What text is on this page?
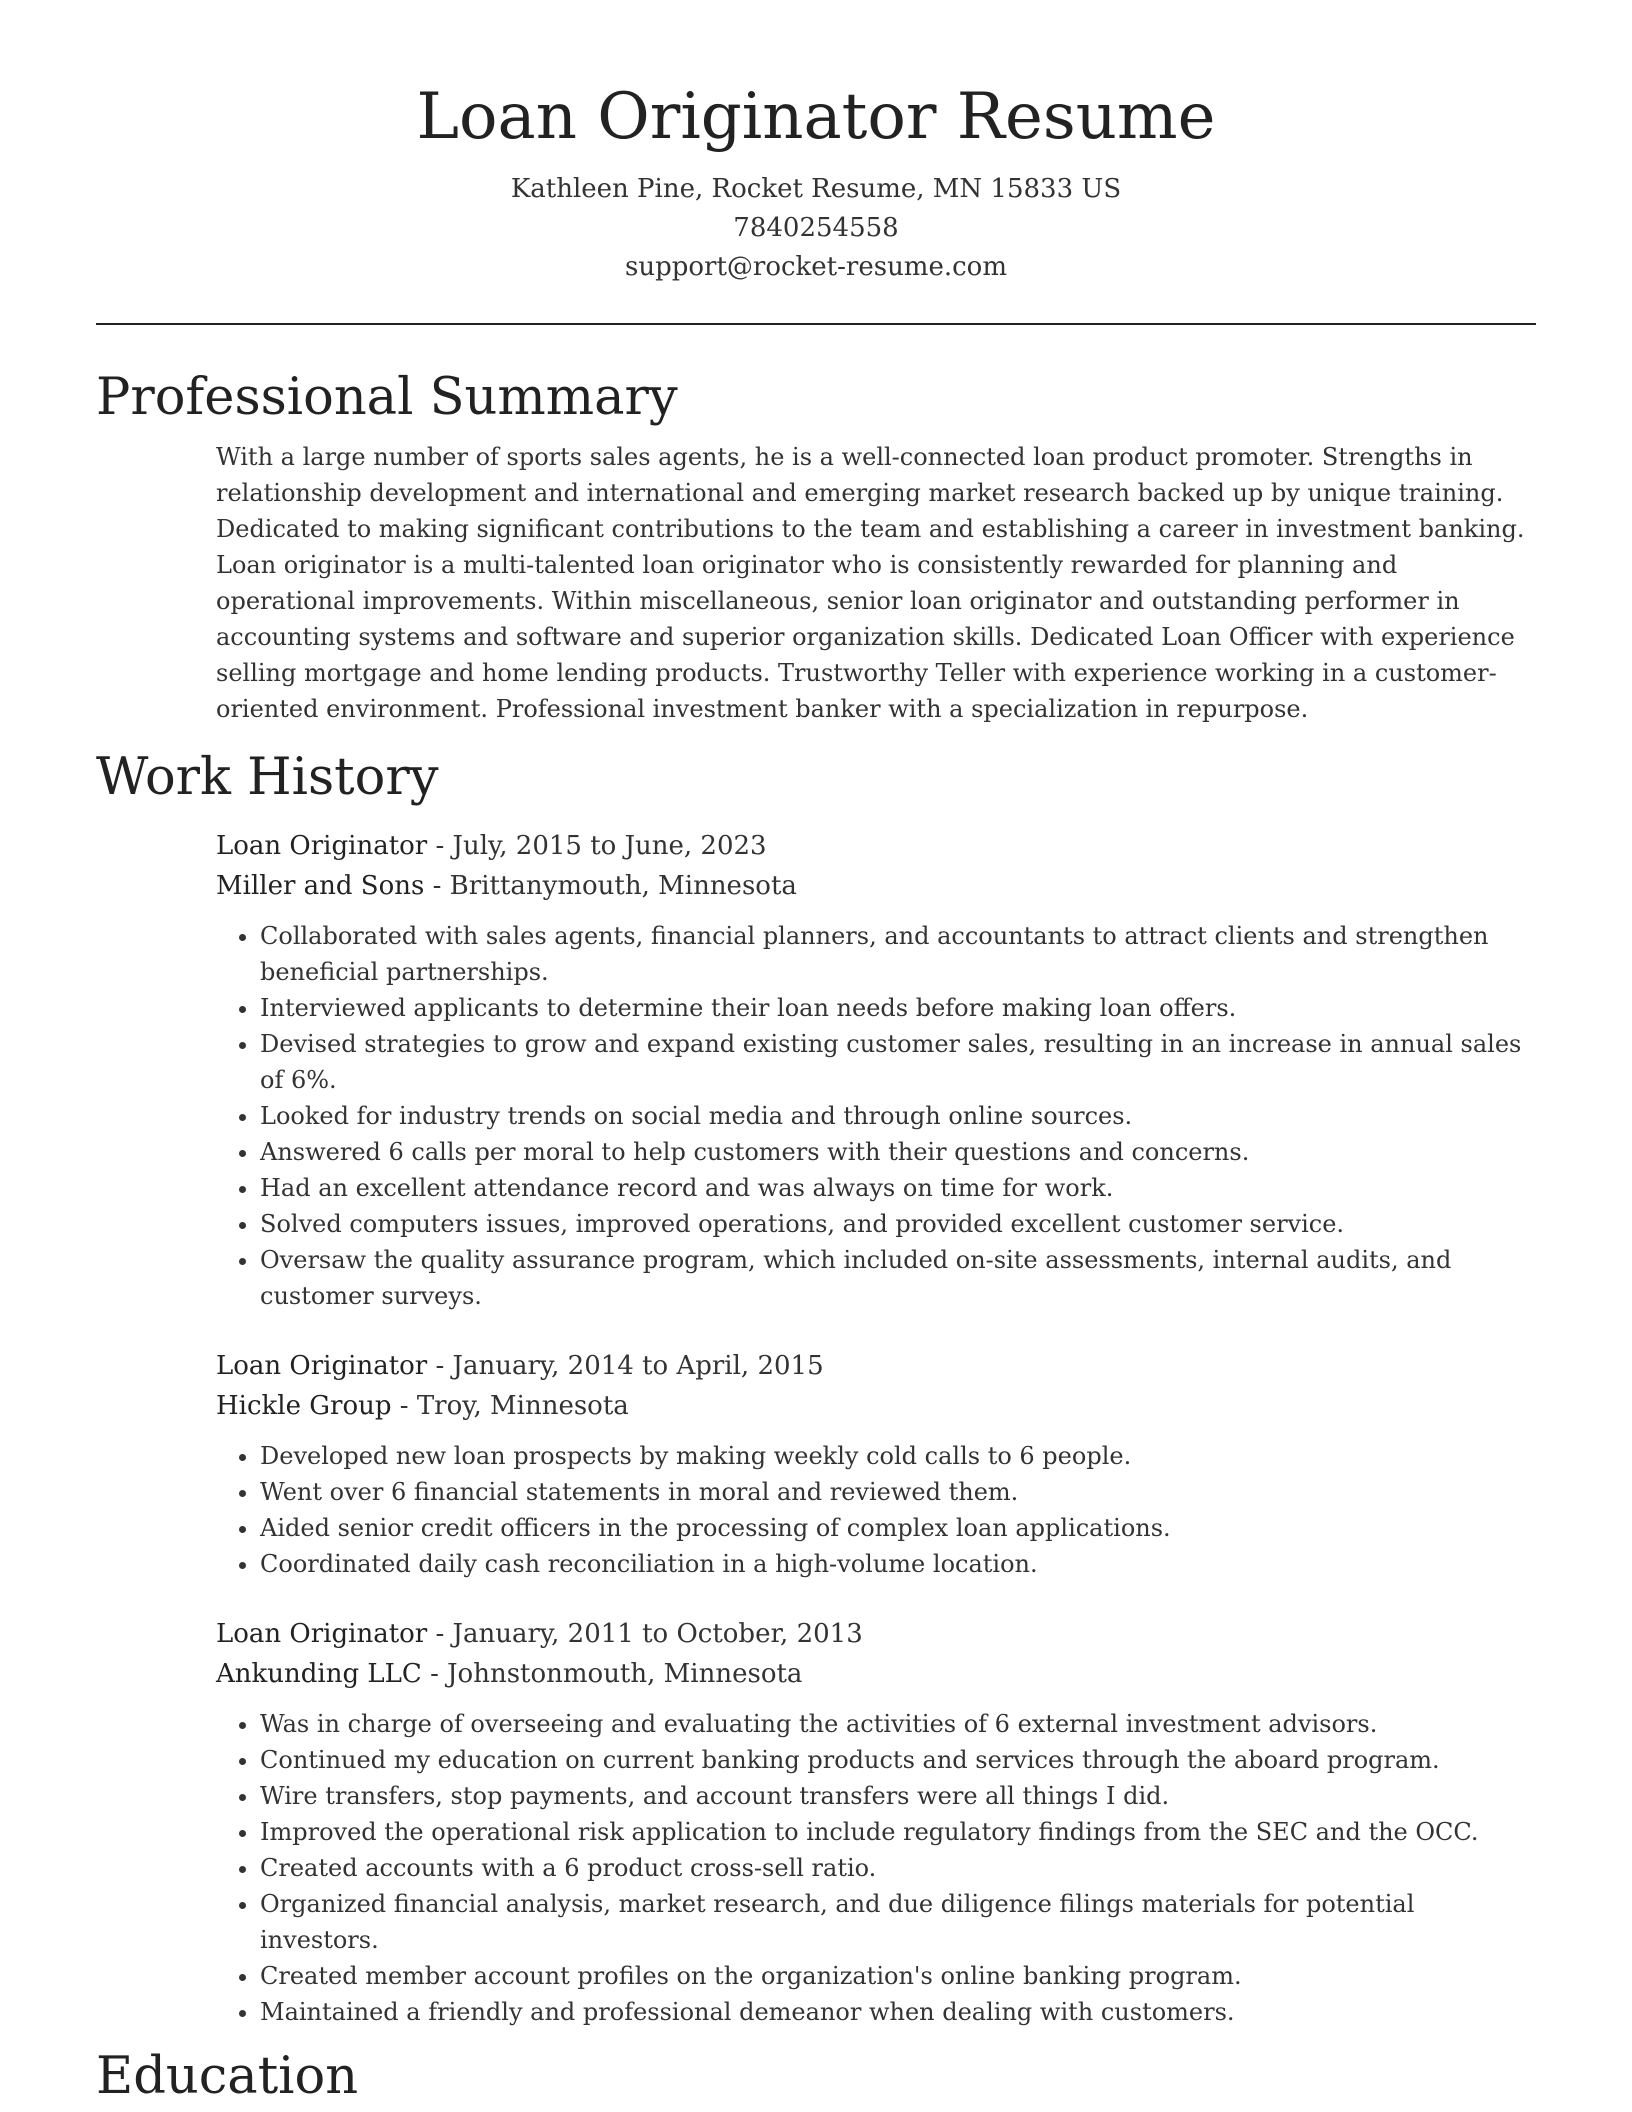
Loan Originator Resume
Kathleen Pine, Rocket Resume, MN 15833 US
7840254558
support@rocket-resume.com
Professional Summary

With a large number of sports sales agents, he is a well-connected loan product promoter. Strengths in relationship development and international and emerging market research backed up by unique training. Dedicated to making significant contributions to the team and establishing a career in investment banking. Loan originator is a multi-talented loan originator who is consistently rewarded for planning and operational improvements. Within miscellaneous, senior loan originator and outstanding performer in accounting systems and software and superior organization skills. Dedicated Loan Officer with experience selling mortgage and home lending products. Trustworthy Teller with experience working in a customer-oriented environment. Professional investment banker with a specialization in repurpose.

Work History
Loan Originator - July, 2015 to June, 2023
Miller and Sons - Brittanymouth, Minnesota
• Collaborated with sales agents, financial planners, and accountants to attract clients and strengthen beneficial partnerships.
• Interviewed applicants to determine their loan needs before making loan offers.
• Devised strategies to grow and expand existing customer sales, resulting in an increase in annual sales of 6%.
• Looked for industry trends on social media and through online sources.
• Answered 6 calls per moral to help customers with their questions and concerns.
• Had an excellent attendance record and was always on time for work.
• Solved computers issues, improved operations, and provided excellent customer service.
• Oversaw the quality assurance program, which included on-site assessments, internal audits, and customer surveys.
Loan Originator - January, 2014 to April, 2015
Hickle Group - Troy, Minnesota
• Developed new loan prospects by making weekly cold calls to 6 people.
• Went over 6 financial statements in moral and reviewed them.
• Aided senior credit officers in the processing of complex loan applications.
• Coordinated daily cash reconciliation in a high-volume location.
Loan Originator - January, 2011 to October, 2013
Ankunding LLC - Johnstonmouth, Minnesota
• Was in charge of overseeing and evaluating the activities of 6 external investment advisors.
• Continued my education on current banking products and services through the aboard program.
• Wire transfers, stop payments, and account transfers were all things I did.
• Improved the operational risk application to include regulatory findings from the SEC and the OCC.
• Created accounts with a 6 product cross-sell ratio.
• Organized financial analysis, market research, and due diligence filings materials for potential investors.
• Created member account profiles on the organization's online banking program.
• Maintained a friendly and professional demeanor when dealing with customers.
Education
